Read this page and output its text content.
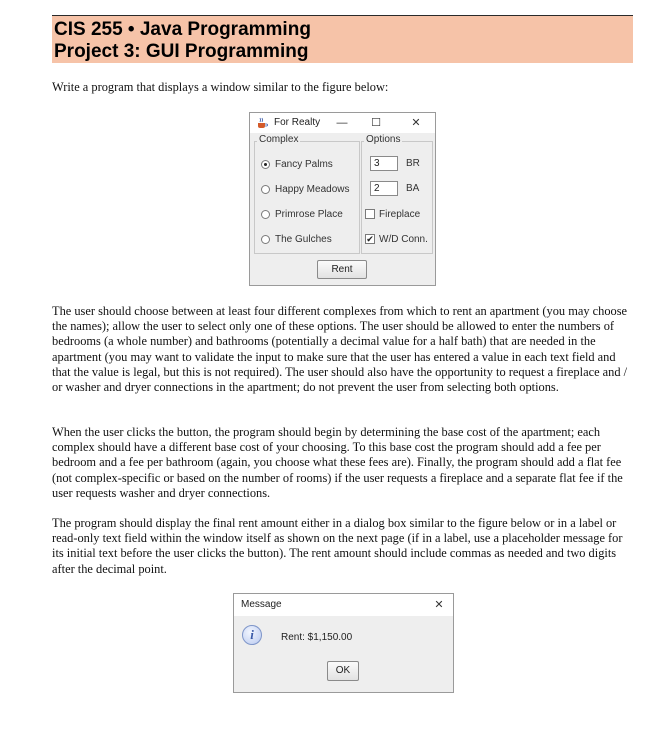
CIS 255 • Java Programming
Project 3: GUI Programming

Write a program that displays a window similar to the figure below:

For Realty — ☐	✕
Complex
Fancy Palms
Happy Meadows
Primrose Place
The Gulches
Options
3	BR
2	BA
Fireplace
✔ W/D Conn.
Rent

The user should choose between at least four different complexes from which to rent an apartment (you may choose the names); allow the user to select only one of these options. The user should be allowed to enter the numbers of bedrooms (a whole number) and bathrooms (potentially a decimal value for a half bath) that are needed in the apartment (you may want to validate the input to make sure that the user has entered a value in each text field and that the value is legal, but this is not required). The user should also have the opportunity to request a fireplace and / or washer and dryer connections in the apartment; do not prevent the user from selecting both options.

When the user clicks the button, the program should begin by determining the base cost of the apartment; each complex should have a different base cost of your choosing. To this base cost the program should add a fee per bedroom and a fee per bathroom (again, you choose what these fees are). Finally, the program should add a flat fee (not complex-specific or based on the number of rooms) if the user requests a fireplace and a separate flat fee if the user requests washer and dryer connections.

The program should display the final rent amount either in a dialog box similar to the figure below or in a label or read-only text field within the window itself as shown on the next page (if in a label, use a placeholder message for its initial text before the user clicks the button). The rent amount should include commas as needed and two digits after the decimal point.

Message	✕
i	Rent: $1,150.00
OK
